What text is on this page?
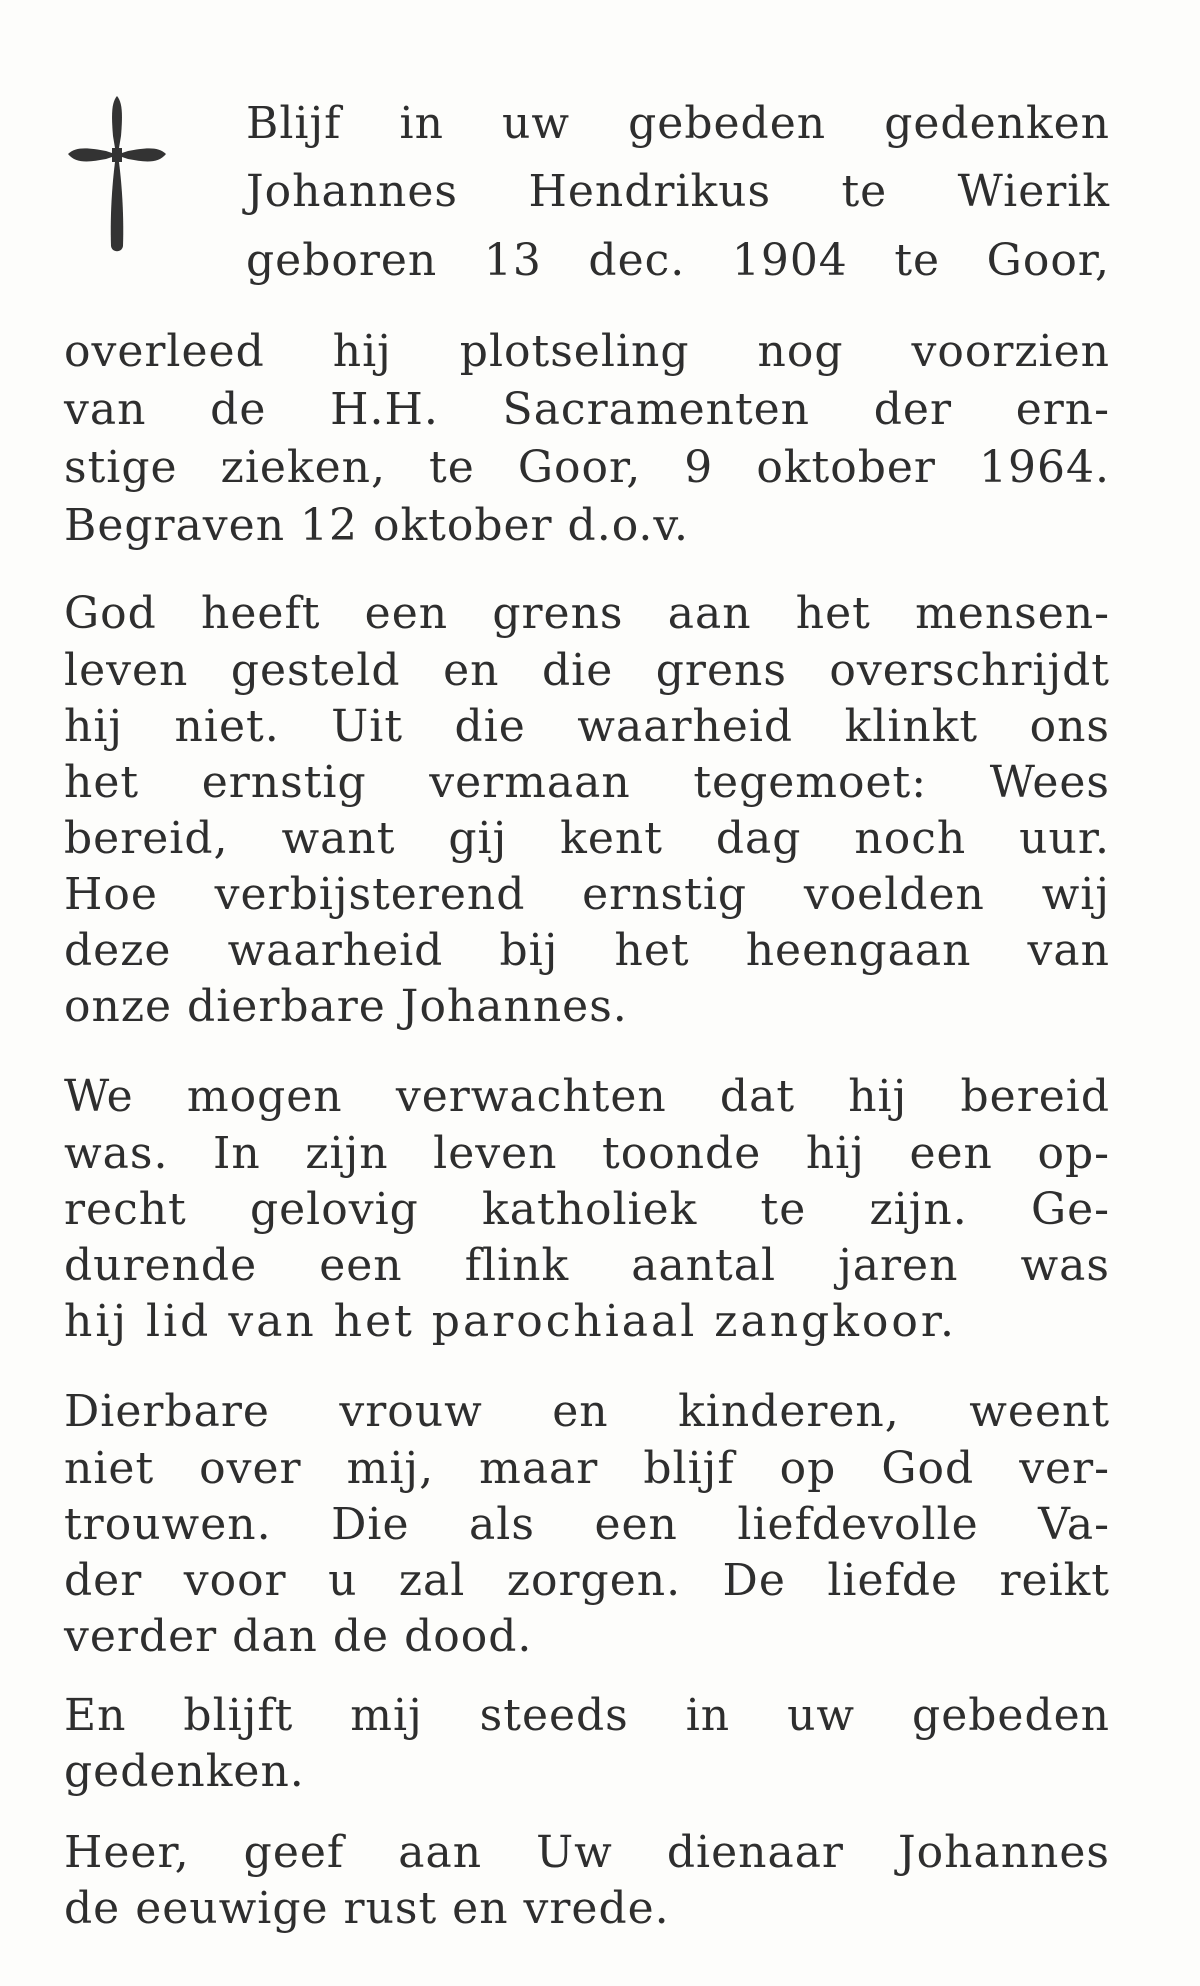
Blijf in uw gebeden gedenken
Johannes Hendrikus te Wierik
geboren 13 dec. 1904 te Goor,
overleed hij plotseling nog voorzien
van de H.H. Sacramenten der ern-
stige zieken, te Goor, 9 oktober 1964.
Begraven 12 oktober d.o.v.
God heeft een grens aan het mensen-
leven gesteld en die grens overschrijdt
hij niet. Uit die waarheid klinkt ons
het ernstig vermaan tegemoet: Wees
bereid, want gij kent dag noch uur.
Hoe verbijsterend ernstig voelden wij
deze waarheid bij het heengaan van
onze dierbare Johannes.
We mogen verwachten dat hij bereid
was. In zijn leven toonde hij een op-
recht gelovig katholiek te zijn. Ge-
durende een flink aantal jaren was
hij lid van het parochiaal zangkoor.
Dierbare vrouw en kinderen, weent
niet over mij, maar blijf op God ver-
trouwen. Die als een liefdevolle Va-
der voor u zal zorgen. De liefde reikt
verder dan de dood.
En blijft mij steeds in uw gebeden
gedenken.
Heer, geef aan Uw dienaar Johannes
de eeuwige rust en vrede.
